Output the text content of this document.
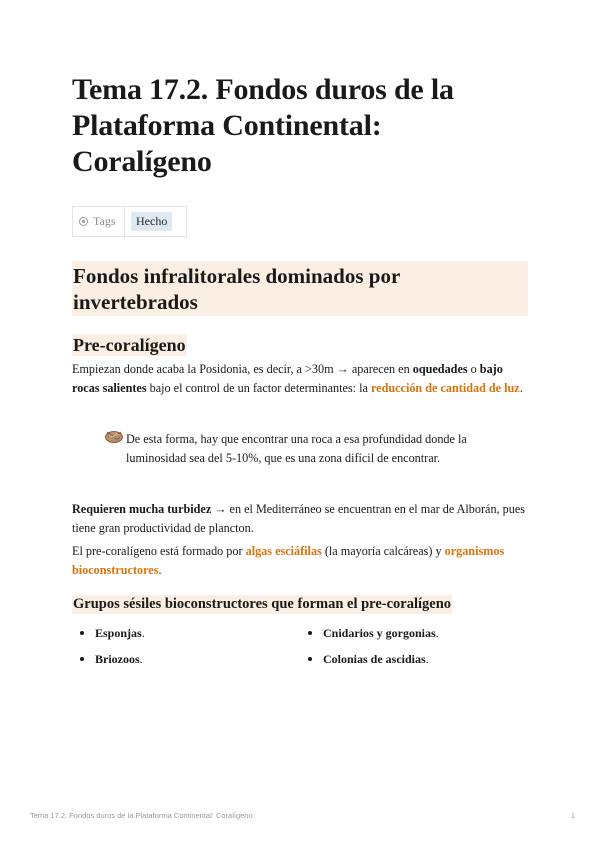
Tema 17.2. Fondos duros de la Plataforma Continental: Coralígeno
Tags	Hecho
Fondos infralitorales dominados por invertebrados
Pre-coralígeno

Empiezan donde acaba la Posidonia, es decir, a >30m → aparecen en oquedades o bajo rocas salientes bajo el control de un factor determinantes: la reducción de cantidad de luz.

De esta forma, hay que encontrar una roca a esa profundidad donde la luminosidad sea del 5-10%, que es una zona difícil de encontrar.

Requieren mucha turbidez → en el Mediterráneo se encuentran en el mar de Alborán, pues tiene gran productividad de plancton.

El pre-coralígeno está formado por algas esciáfilas (la mayoría calcáreas) y organismos bioconstructores.

Grupos sésiles bioconstructores que forman el pre-coralígeno
Esponjas.
Briozoos.
Cnidarios y gorgonias.
Colonias de ascidias.
Tema 17.2. Fondos duros de la Plataforma Continental: Coralígeno	1
